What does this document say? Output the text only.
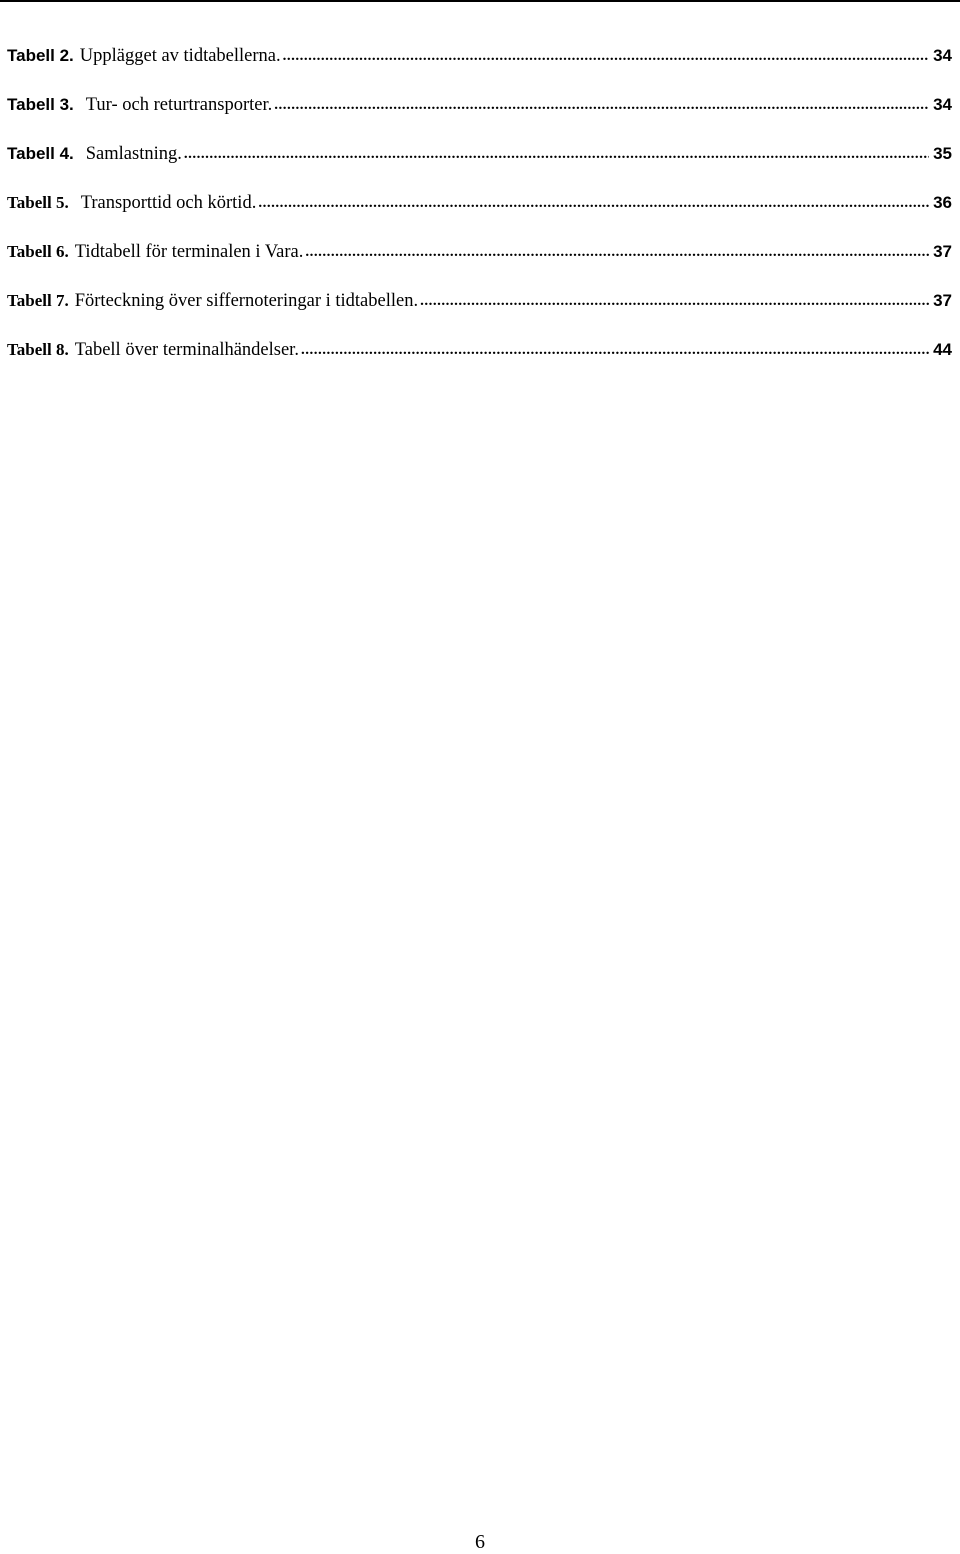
Tabell 2. Upplägget av tidtabellerna. .....	34
Tabell 3. Tur- och returtransporter. .....	34
Tabell 4. Samlastning. .....	35
Tabell 5. Transporttid och körtid. .....	36
Tabell 6. Tidtabell för terminalen i Vara. .....	37
Tabell 7. Förteckning över siffernoteringar i tidtabellen. .....	37
Tabell 8. Tabell över terminalhändelser. .....	44
6
